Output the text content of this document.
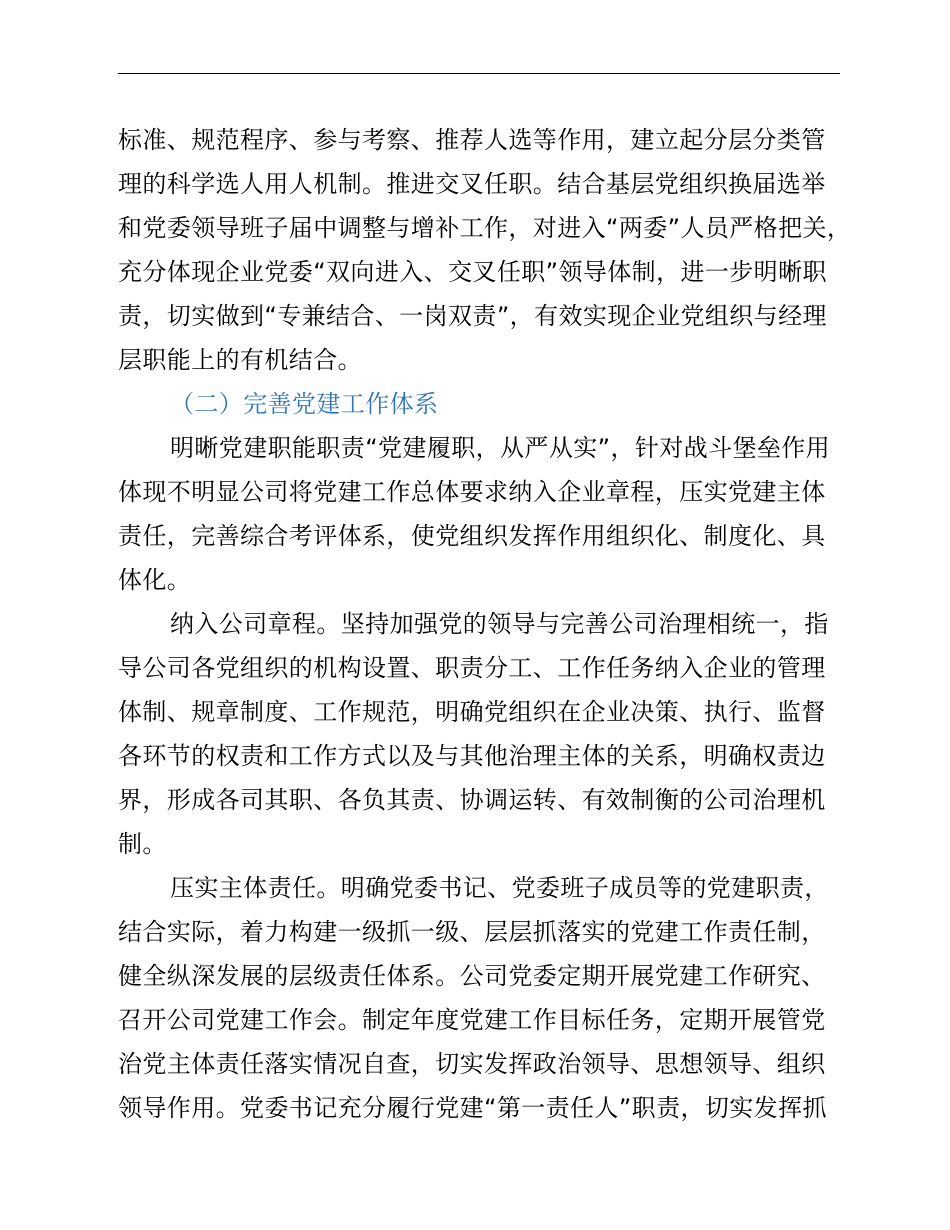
标准、规范程序、参与考察、推荐人选等作用，建立起分层分类管
理的科学选人用人机制。推进交叉任职。结合基层党组织换届选举
和党委领导班子届中调整与增补工作，对进入“两委”人员严格把关，
充分体现企业党委“双向进入、交叉任职”领导体制，进一步明晰职
责，切实做到“专兼结合、一岗双责”，有效实现企业党组织与经理
层职能上的有机结合。
（二）完善党建工作体系
明晰党建职能职责“党建履职，从严从实”，针对战斗堡垒作用
体现不明显公司将党建工作总体要求纳入企业章程，压实党建主体
责任，完善综合考评体系，使党组织发挥作用组织化、制度化、具
体化。
纳入公司章程。坚持加强党的领导与完善公司治理相统一，指
导公司各党组织的机构设置、职责分工、工作任务纳入企业的管理
体制、规章制度、工作规范，明确党组织在企业决策、执行、监督
各环节的权责和工作方式以及与其他治理主体的关系，明确权责边
界，形成各司其职、各负其责、协调运转、有效制衡的公司治理机
制。
压实主体责任。明确党委书记、党委班子成员等的党建职责，
结合实际，着力构建一级抓一级、层层抓落实的党建工作责任制，
健全纵深发展的层级责任体系。公司党委定期开展党建工作研究、
召开公司党建工作会。制定年度党建工作目标任务，定期开展管党
治党主体责任落实情况自查，切实发挥政治领导、思想领导、组织
领导作用。党委书记充分履行党建“第一责任人”职责，切实发挥抓
